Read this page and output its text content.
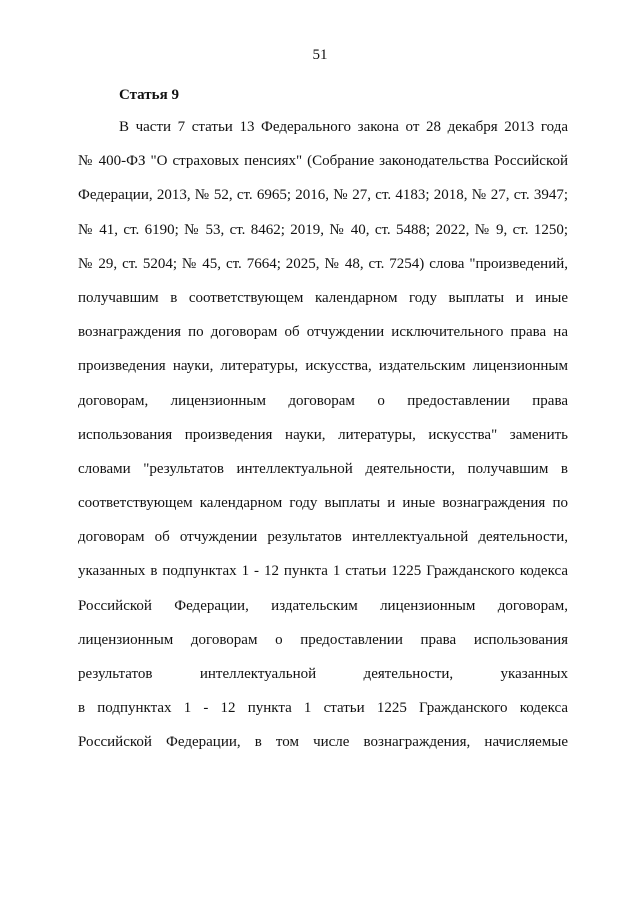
51
Статья 9
В части 7 статьи 13 Федерального закона от 28 декабря 2013 года
№ 400-ФЗ "О страховых пенсиях" (Собрание законодательства Российской
Федерации, 2013, № 52, ст. 6965; 2016, № 27, ст. 4183; 2018, № 27, ст. 3947;
№ 41, ст. 6190; № 53, ст. 8462; 2019, № 40, ст. 5488; 2022, № 9, ст. 1250;
№ 29, ст. 5204; № 45, ст. 7664; 2025, № 48, ст. 7254) слова "произведений,
получавшим в соответствующем календарном году выплаты и иные
вознаграждения по договорам об отчуждении исключительного права на
произведения науки, литературы, искусства, издательским лицензионным
договорам, лицензионным договорам о предоставлении права
использования произведения науки, литературы, искусства" заменить
словами "результатов интеллектуальной деятельности, получавшим в
соответствующем календарном году выплаты и иные вознаграждения по
договорам об отчуждении результатов интеллектуальной деятельности,
указанных в подпунктах 1 - 12 пункта 1 статьи 1225 Гражданского кодекса
Российской Федерации, издательским лицензионным договорам,
лицензионным договорам о предоставлении права использования
результатов интеллектуальной деятельности, указанных
в подпунктах 1 - 12 пункта 1 статьи 1225 Гражданского кодекса
Российской Федерации, в том числе вознаграждения, начисляемые
